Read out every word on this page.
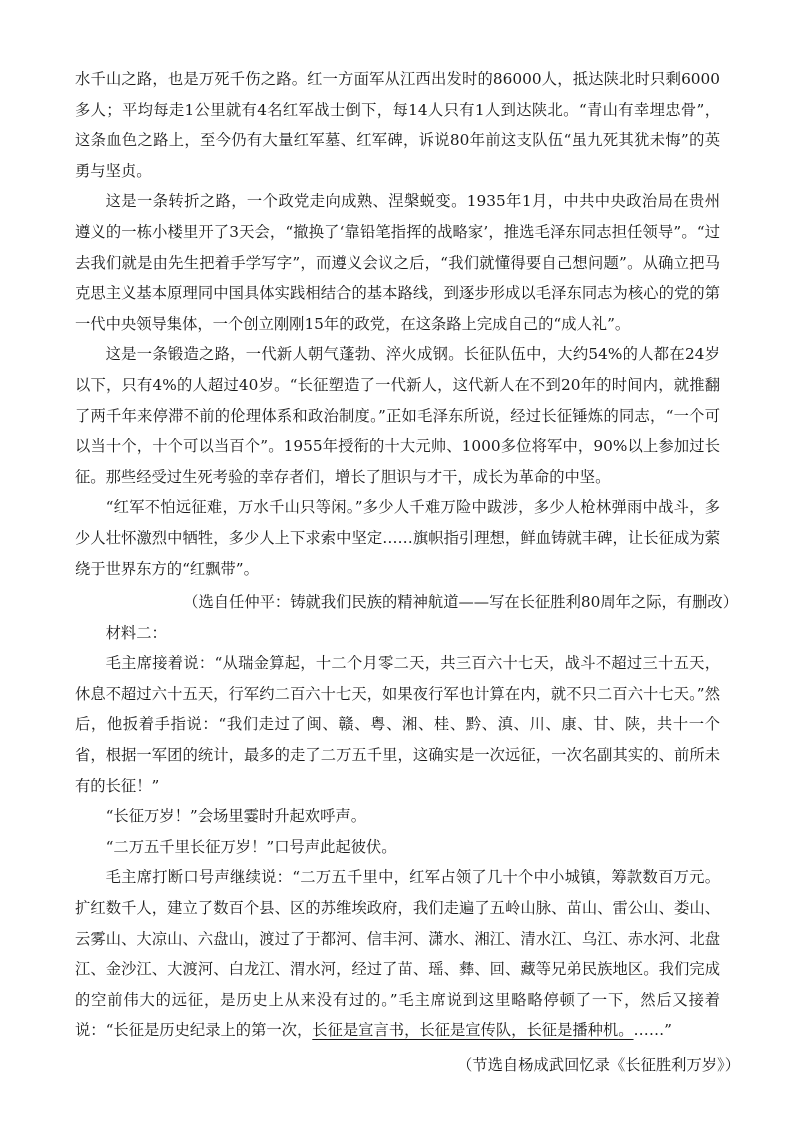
水千山之路，也是万死千伤之路。红一方面军从江西出发时的86000人，抵达陕北时只剩6000多人；平均每走1公里就有4名红军战士倒下，每14人只有1人到达陕北。“青山有幸埋忠骨”，这条血色之路上，至今仍有大量红军墓、红军碑，诉说80年前这支队伍“虽九死其犹未悔”的英勇与坚贞。

这是一条转折之路，一个政党走向成熟、涅槃蜕变。1935年1月，中共中央政治局在贵州遵义的一栋小楼里开了3天会，“撤换了‘靠铅笔指挥的战略家’，推选毛泽东同志担任领导”。“过去我们就是由先生把着手学写字”，而遵义会议之后，“我们就懂得要自己想问题”。从确立把马克思主义基本原理同中国具体实践相结合的基本路线，到逐步形成以毛泽东同志为核心的党的第一代中央领导集体，一个创立刚刚15年的政党，在这条路上完成自己的“成人礼”。

这是一条锻造之路，一代新人朝气蓬勃、淬火成钢。长征队伍中，大约54%的人都在24岁以下，只有4%的人超过40岁。“长征塑造了一代新人，这代新人在不到20年的时间内，就推翻了两千年来停滞不前的伦理体系和政治制度。”正如毛泽东所说，经过长征锤炼的同志，“一个可以当十个，十个可以当百个”。1955年授衔的十大元帅、1000多位将军中，90%以上参加过长征。那些经受过生死考验的幸存者们，增长了胆识与才干，成长为革命的中坚。

“红军不怕远征难，万水千山只等闲。”多少人千难万险中跋涉，多少人枪林弹雨中战斗，多少人壮怀激烈中牺牲，多少人上下求索中坚定……旗帜指引理想，鲜血铸就丰碑，让长征成为萦绕于世界东方的“红飘带”。

（选自任仲平：铸就我们民族的精神航道——写在长征胜利80周年之际，有删改）

材料二：

毛主席接着说：“从瑞金算起，十二个月零二天，共三百六十七天，战斗不超过三十五天，休息不超过六十五天，行军约二百六十七天，如果夜行军也计算在内，就不只二百六十七天。”然后，他扳着手指说：“我们走过了闽、赣、粤、湘、桂、黔、滇、川、康、甘、陕，共十一个省，根据一军团的统计，最多的走了二万五千里，这确实是一次远征，一次名副其实的、前所未有的长征！”

“长征万岁！”会场里霎时升起欢呼声。

“二万五千里长征万岁！”口号声此起彼伏。

毛主席打断口号声继续说：“二万五千里中，红军占领了几十个中小城镇，筹款数百万元。扩红数千人，建立了数百个县、区的苏维埃政府，我们走遍了五岭山脉、苗山、雷公山、娄山、云雾山、大凉山、六盘山，渡过了于都河、信丰河、潇水、湘江、清水江、乌江、赤水河、北盘江、金沙江、大渡河、白龙江、渭水河，经过了苗、瑶、彝、回、藏等兄弟民族地区。我们完成的空前伟大的远征，是历史上从来没有过的。”毛主席说到这里略略停顿了一下，然后又接着说：“长征是历史纪录上的第一次，长征是宣言书，长征是宣传队，长征是播种机。……”

（节选自杨成武回忆录《长征胜利万岁》）
